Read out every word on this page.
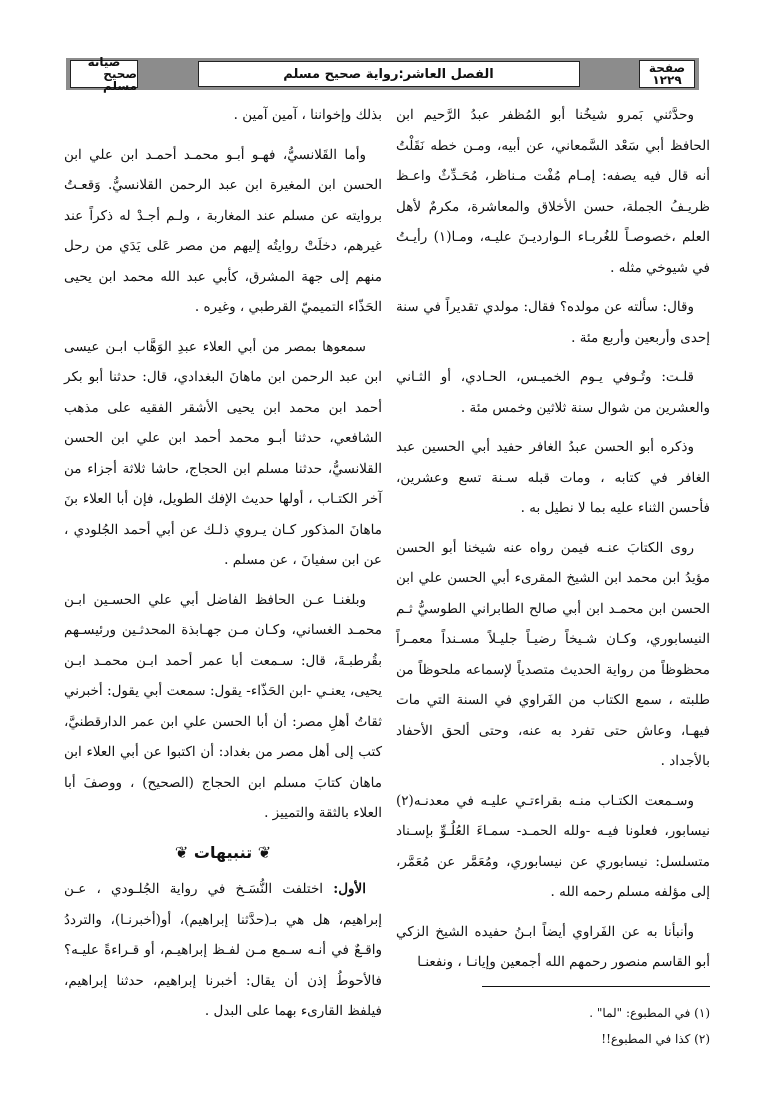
صفحة
١٢٢٩
الفصل العاشر:رواية صحيح مسلم
صيانة
صحيح مسلم

وحدَّثني بَمرو شيخُنا أبو المُظفر عبدُ الرَّحيم ابن الحافظ أبي سَعْد السَّمعاني، عن أبيه، ومـن خطه نَقَلْتُ أنه قال فيه يصفه: إمـام مُفْت مـناظر، مُحَـدِّثٌ واعـظ ظريـفُ الجملة، حسن الأخلاق والمعاشرة، مكرمٌ لأهل العلم ،خصوصـاً للغُربـاء الـوارديـنَ عليـه، ومـا(١) رأيـتُ في شيوخي مثله .

وقال: سألته عن مولده؟ فقال: مولدي تقديراً في سنة إحدى وأربعين وأربع مئة .

قلـت: وتُـوفي يـوم الخميـس، الحـادي، أو الثـاني والعشرين من شوال سنة ثلاثين وخمس مئة .

وذكره أبو الحسن عبدُ الغافر حفيد أبي الحسين عبد الغافر في كتابه ، ومات قبله سـنة تسع وعشرين، فأحسن الثناء عليه بما لا نطيل به .

روى الكتابَ عنـه فيمن رواه عنه شيخنا أبو الحسن مؤيدُ ابن محمد ابن الشيخ المقرىء أبي الحسن علي ابن الحسن ابن محمـد ابن أبي صالح الطابراني الطوسيُّ ثـم النيسابوري، وكـان شـيخاً رضيـاً جليـلاً مسـنداً معمـراً محظوظاً من رواية الحديث متصدياً لإسماعه ملحوظاً من طلبته ، سمع الكتاب من الفَراوي في السنة التي مات فيهـا، وعاش حتى تفرد به عنه، وحتى ألحق الأحفاد بالأجداد .

وسـمعت الكتـاب منـه بقراءتـي عليـه في معدنـه(٢) نيسابور، فعلونا فيـه -ولله الحمـد- سمـاءَ العُلُـوِّ بإسـناد متسلسل: نيسابوري عن نيسابوري، ومُعَمَّر عن مُعَمَّر، إلى مؤلفه مسلم رحمه الله .

وأنبأنا به عن الفَراوي أيضاً ابـنُ حفيده الشيخ الزكي أبو القاسم منصور رحمهم الله أجمعين وإيانـا ، ونفعنـا

بذلك وإخواننا ، آمين آمين .

وأما القَلانسيُّ، فهـو أبـو محمـد أحمـد ابن علي ابن الحسن ابن المغيرة ابن عبد الرحمن القلانسيُّ. وَقعـتُ بروايته عن مسلم عند المغاربة ، ولـم أجـدْ له ذكراً عند غيرهم، دخلَتْ روايتُه إليهم من مصر عَلى يَدَي من رحل منهم إلى جهة المشرق، كأبي عبد الله محمد ابن يحيى الحَذّاء التميميّ القرطبي ، وغيره .

سمعوها بمصر من أبي العلاء عبدِ الوَهَّاب ابـن عيسى ابن عبد الرحمن ابن ماهانَ البغدادي، قال: حدثنا أبو بكر أحمد ابن محمد ابن يحيى الأشقر الفقيه على مذهب الشافعي، حدثنا أبـو محمد أحمد ابن علي ابن الحسن القلانسيُّ، حدثنا مسلم ابن الحجاج، حاشا ثلاثة أجزاء من آخر الكتـاب ، أولها حديث الإفك الطويل، فإن أبا العلاء بنَ ماهانَ المذكور كـان يـروي ذلـك عن أبي أحمد الجُلودي ، عن ابن سفيانَ ، عن مسلم .

وبلغنـا عـن الحافظ الفاضل أبي علي الحسـين ابـن محمـد الغساني، وكـان مـن جهـابذة المحدثـين ورئيسـهم بقُرطبـةَ، قال: سـمعت أبا عمر أحمد ابـن محمـد ابـن يحيى، يعنـي -ابن الحَذّاء- يقول: سمعت أبي يقول: أخبرني ثقاتُ أهلِ مصر: أن أبا الحسن علي ابن عمر الدارقطنيَّ، كتب إلى أهل مصر من بغداد: أن اكتبوا عن أبي العلاء ابن ماهان كتابَ مسلم ابن الحجاج (الصحيح) ، ووصفَ أبا العلاء بالثقة والتمييز .

❦ تنبيهات ❦

الأول: اختلفت النُّسَـخ في رواية الجُلـودي ، عـن إبراهيم، هل هي بـ(حدَّثنا إبراهيم)، أو(أخبرنـا)، والترددُ واقـعٌ في أنـه سـمع مـن لفـظ إبراهيـم، أو قـراءةً عليـه؟ فالأحوطُ إذن أن يقال: أخبرنا إبراهيم، حدثنا إبراهيم، فيلفظ القارىء بهما على البدل .	(١) في المطبوع: "لما" .
(٢) كذا في المطبوع!!
